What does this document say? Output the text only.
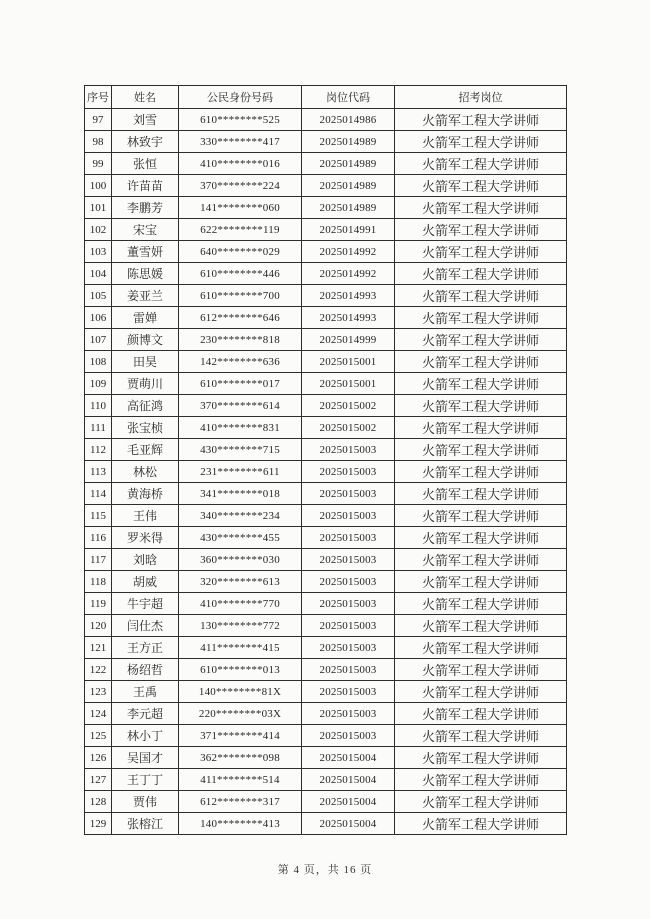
序号	姓名	公民身份号码	岗位代码	招考岗位
97	刘雪	610********525	2025014986	火箭军工程大学讲师
98	林致宇	330********417	2025014989	火箭军工程大学讲师
99	张恒	410********016	2025014989	火箭军工程大学讲师
100	许苗苗	370********224	2025014989	火箭军工程大学讲师
101	李鹏芳	141********060	2025014989	火箭军工程大学讲师
102	宋宝	622********119	2025014991	火箭军工程大学讲师
103	董雪妍	640********029	2025014992	火箭军工程大学讲师
104	陈思媛	610********446	2025014992	火箭军工程大学讲师
105	姜亚兰	610********700	2025014993	火箭军工程大学讲师
106	雷婵	612********646	2025014993	火箭军工程大学讲师
107	颜博文	230********818	2025014999	火箭军工程大学讲师
108	田昊	142********636	2025015001	火箭军工程大学讲师
109	贾萌川	610********017	2025015001	火箭军工程大学讲师
110	高征鸿	370********614	2025015002	火箭军工程大学讲师
111	张宝桢	410********831	2025015002	火箭军工程大学讲师
112	毛亚辉	430********715	2025015003	火箭军工程大学讲师
113	林松	231********611	2025015003	火箭军工程大学讲师
114	黄海桥	341********018	2025015003	火箭军工程大学讲师
115	王伟	340********234	2025015003	火箭军工程大学讲师
116	罗米得	430********455	2025015003	火箭军工程大学讲师
117	刘晗	360********030	2025015003	火箭军工程大学讲师
118	胡威	320********613	2025015003	火箭军工程大学讲师
119	牛宇超	410********770	2025015003	火箭军工程大学讲师
120	闫仕杰	130********772	2025015003	火箭军工程大学讲师
121	王方正	411********415	2025015003	火箭军工程大学讲师
122	杨绍哲	610********013	2025015003	火箭军工程大学讲师
123	王禹	140********81X	2025015003	火箭军工程大学讲师
124	李元超	220********03X	2025015003	火箭军工程大学讲师
125	林小丁	371********414	2025015003	火箭军工程大学讲师
126	吴国才	362********098	2025015004	火箭军工程大学讲师
127	王丁丁	411********514	2025015004	火箭军工程大学讲师
128	贾伟	612********317	2025015004	火箭军工程大学讲师
129	张榕江	140********413	2025015004	火箭军工程大学讲师
第 4 页，共 16 页
